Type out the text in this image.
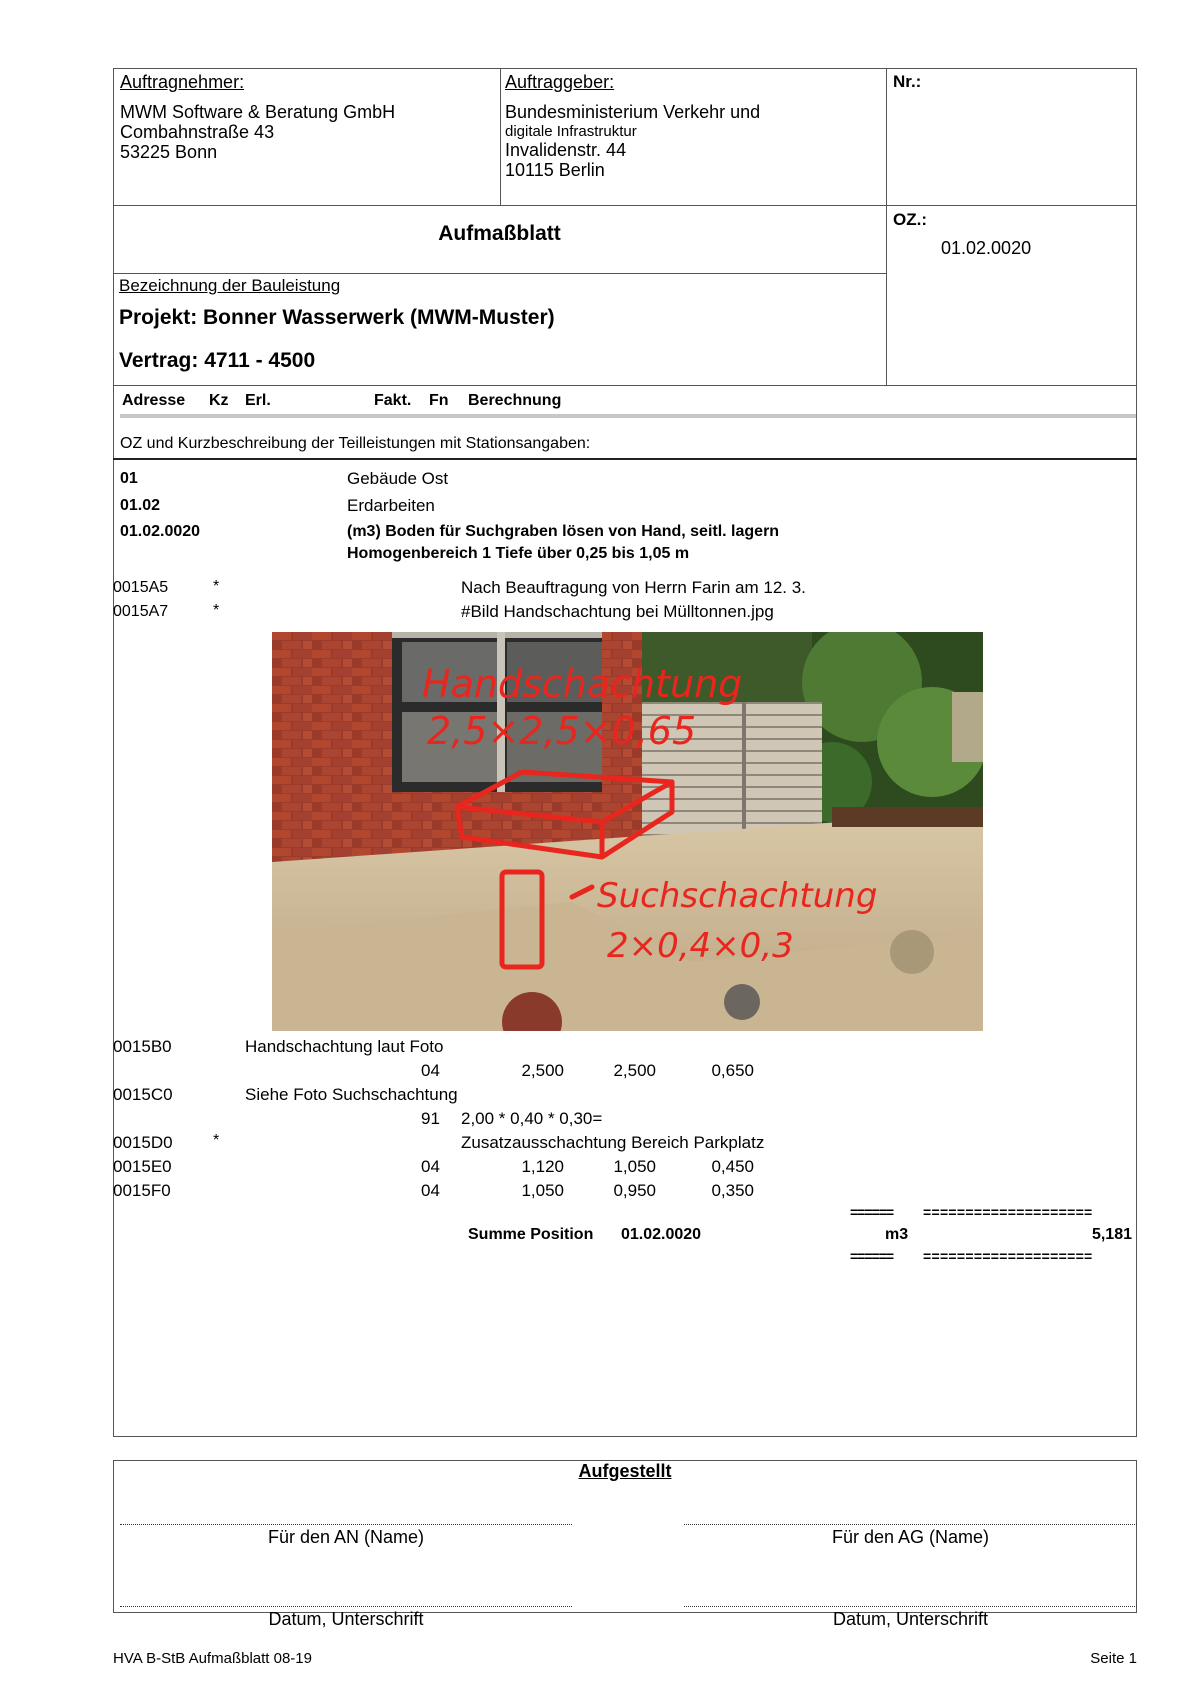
Auftragnehmer:
MWM Software & Beratung GmbH
Combahnstraße 43
53225 Bonn
Auftraggeber:
Bundesministerium Verkehr und
digitale Infrastruktur
Invalidenstr. 44
10115 Berlin
Nr.:
OZ.:
01.02.0020
Aufmaßblatt
Bezeichnung der Bauleistung
Projekt: Bonner Wasserwerk (MWM-Muster)
Vertrag: 4711 - 4500
Adresse Kz Erl.	Fakt. Fn Berechnung
OZ und Kurzbeschreibung der Teilleistungen mit Stationsangaben:
01	Gebäude Ost
01.02	Erdarbeiten
01.02.0020	(m3) Boden für Suchgraben lösen von Hand, seitl. lagern
Homogenbereich 1 Tiefe über 0,25 bis 1,05 m
0015A5	*	Nach Beauftragung von Herrn Farin am 12. 3.
0015A7	*	#Bild Handschachtung bei Mülltonnen.jpg
Handschachtung
2,5×2,5×0,65
Suchschachtung
2×0,4×0,3
0015B0	Handschachtung laut Foto
04	2,500	2,500	0,650
0015C0	Siehe Foto Suchschachtung
91 2,00 * 0,40 * 0,30=
0015D0	*	Zusatzausschachtung Bereich Parkplatz
0015E0	04	1,120	1,050	0,450
0015F0	04	1,050	0,950	0,350
====== ====================
Summe Position 01.02.0020	m3	5,181
====== ====================
Aufgestellt
Für den AN (Name)	Für den AG (Name)
Datum, Unterschrift	Datum, Unterschrift
HVA B-StB Aufmaßblatt 08-19	Seite 1
